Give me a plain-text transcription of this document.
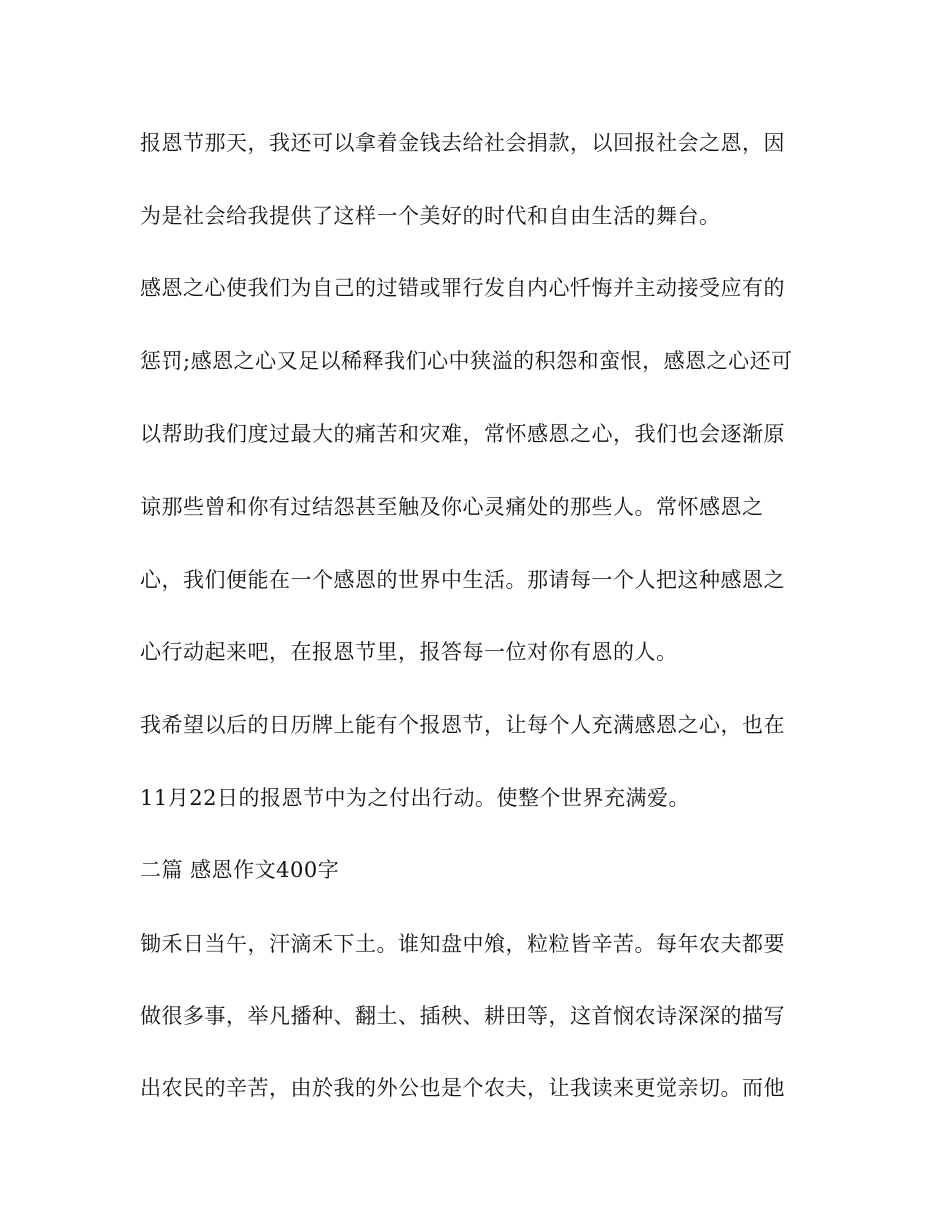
报恩节那天，我还可以拿着金钱去给社会捐款，以回报社会之恩，因
为是社会给我提供了这样一个美好的时代和自由生活的舞台。
感恩之心使我们为自己的过错或罪行发自内心忏悔并主动接受应有的
惩罚;感恩之心又足以稀释我们心中狭溢的积怨和蛮恨，感恩之心还可
以帮助我们度过最大的痛苦和灾难，常怀感恩之心，我们也会逐渐原
谅那些曾和你有过结怨甚至触及你心灵痛处的那些人。常怀感恩之
心，我们便能在一个感恩的世界中生活。那请每一个人把这种感恩之
心行动起来吧，在报恩节里，报答每一位对你有恩的人。
我希望以后的日历牌上能有个报恩节，让每个人充满感恩之心，也在
11月22日的报恩节中为之付出行动。使整个世界充满爱。
二篇 感恩作文400字
锄禾日当午，汗滴禾下土。谁知盘中飧，粒粒皆辛苦。每年农夫都要
做很多事，举凡播种、翻土、插秧、耕田等，这首悯农诗深深的描写
出农民的辛苦，由於我的外公也是个农夫，让我读来更觉亲切。而他
